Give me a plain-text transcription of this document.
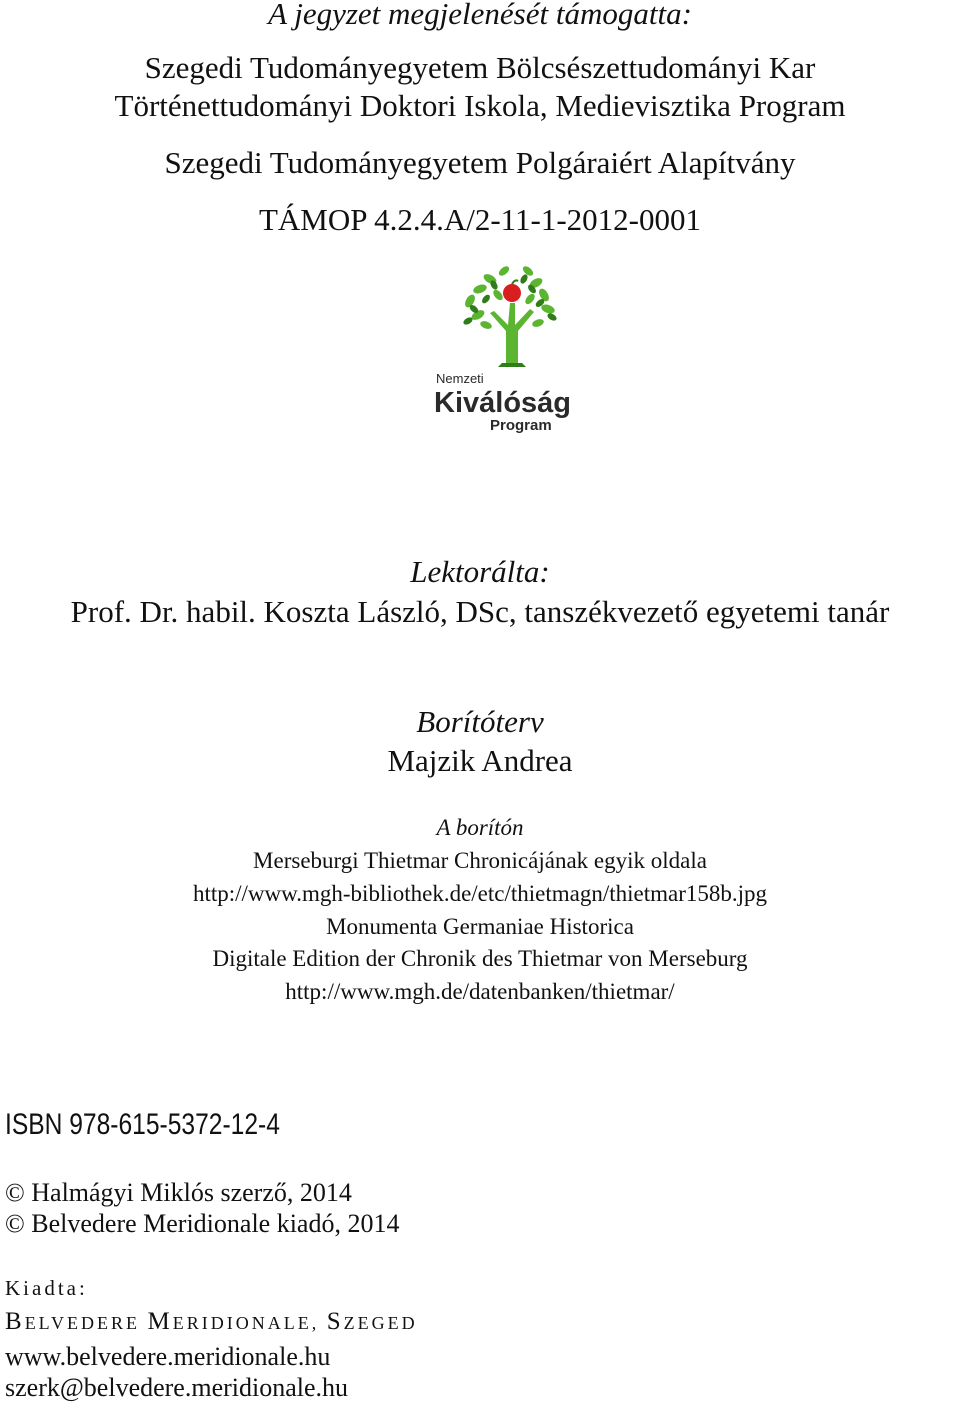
A jegyzet megjelenését támogatta:
Szegedi Tudományegyetem Bölcsészettudományi Kar
Történettudományi Doktori Iskola, Medievisztika Program
Szegedi Tudományegyetem Polgáraiért Alapítvány
TÁMOP 4.2.4.A/2-11-1-2012-0001
Nemzeti
Kiválóság
Program
Lektorálta:
Prof. Dr. habil. Koszta László, DSc, tanszékvezető egyetemi tanár
Borítóterv
Majzik Andrea
A borítón
Merseburgi Thietmar Chronicájának egyik oldala
http://www.mgh-bibliothek.de/etc/thietmagn/thietmar158b.jpg
Monumenta Germaniae Historica
Digitale Edition der Chronik des Thietmar von Merseburg
http://www.mgh.de/datenbanken/thietmar/
ISBN 978-615-5372-12-4
© Halmágyi Miklós szerző, 2014
© Belvedere Meridionale kiadó, 2014
Kiadta:
BELVEDERE MERIDIONALE, SZEGED
www.belvedere.meridionale.hu
szerk@belvedere.meridionale.hu
